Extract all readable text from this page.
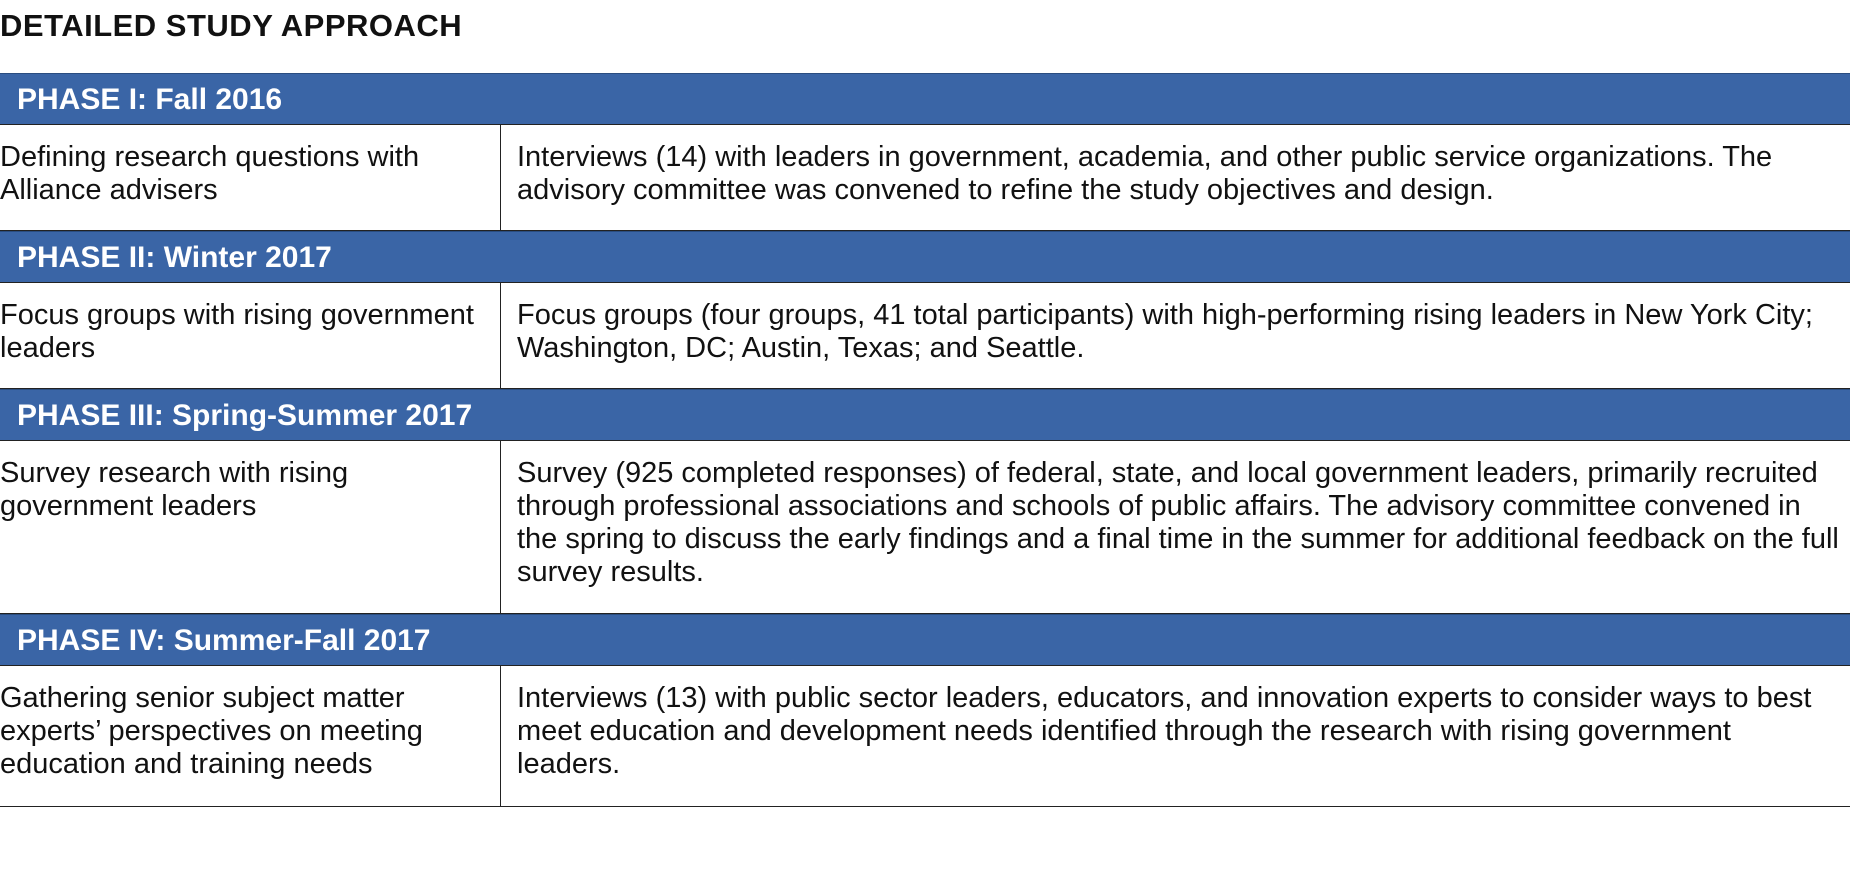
DETAILED STUDY APPROACH
PHASE I: Fall 2016
Defining research questions with Alliance advisers
Interviews (14) with leaders in government, academia, and other public service organizations. The advisory committee was convened to refine the study objectives and design.
PHASE II: Winter 2017
Focus groups with rising government leaders
Focus groups (four groups, 41 total participants) with high-performing rising leaders in New York City; Washington, DC; Austin, Texas; and Seattle.
PHASE III: Spring-Summer 2017
Survey research with rising government leaders
Survey (925 completed responses) of federal, state, and local government leaders, primarily recruited through professional associations and schools of public affairs. The advisory committee convened in the spring to discuss the early findings and a final time in the summer for additional feedback on the full survey results.
PHASE IV: Summer-Fall 2017
Gathering senior subject matter experts’ perspectives on meeting education and training needs
Interviews (13) with public sector leaders, educators, and innovation experts to consider ways to best meet education and development needs identified through the research with rising government leaders.
